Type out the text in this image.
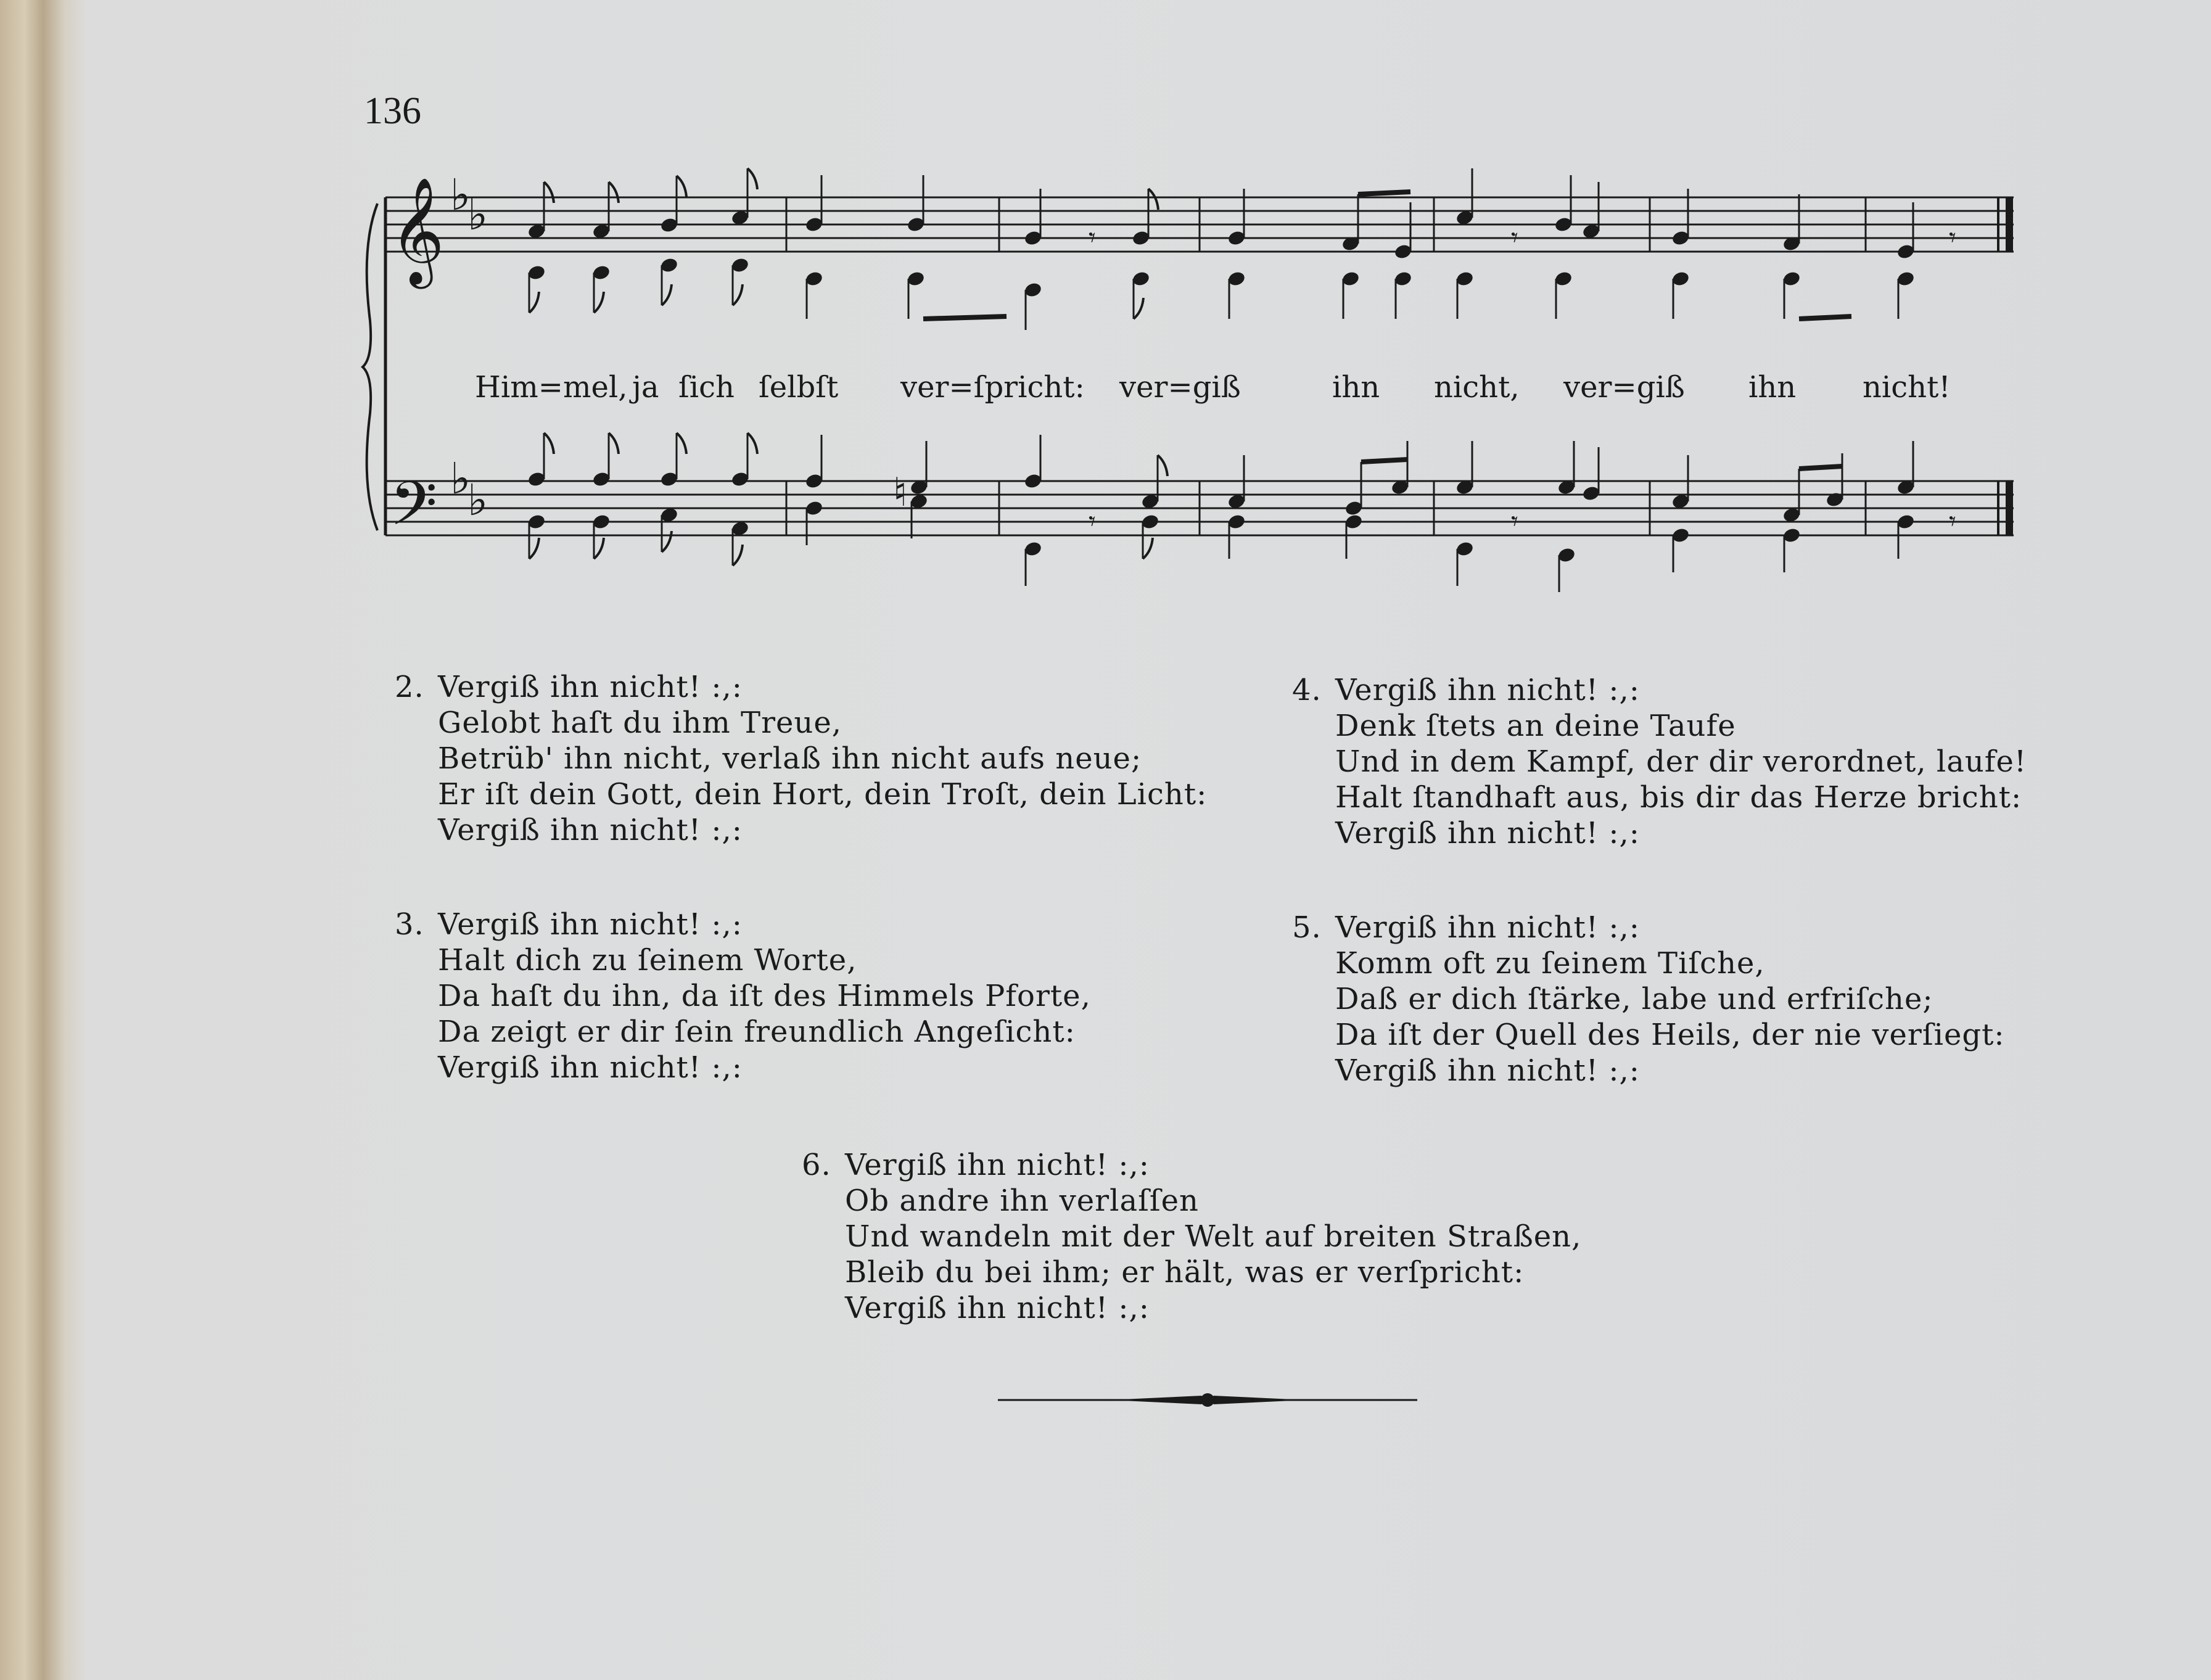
136
𝄞
𝄢
♭
♭
♭
♭
𝄾	𝄾	𝄾
𝄾	𝄾	𝄾
♮
Him=mel, ja ſich ſelbſt ver=ſpricht: ver=giß	ihn nicht, ver=giß ihn nicht!
2. Vergiß ihn nicht! :,:
Gelobt haſt du ihm Treue,
Betrüb' ihn nicht, verlaß ihn nicht aufs neue;
Er iſt dein Gott, dein Hort, dein Troſt, dein Licht:
Vergiß ihn nicht! :,:
3. Vergiß ihn nicht! :,:
Halt dich zu ſeinem Worte,
Da haſt du ihn, da iſt des Himmels Pforte,
Da zeigt er dir ſein freundlich Angeſicht:
Vergiß ihn nicht! :,:
4. Vergiß ihn nicht! :,:
Denk ſtets an deine Taufe
Und in dem Kampf, der dir verordnet, laufe!
Halt ſtandhaft aus, bis dir das Herze bricht:
Vergiß ihn nicht! :,:
5. Vergiß ihn nicht! :,:
Komm oft zu ſeinem Tiſche,
Daß er dich ſtärke, labe und erfriſche;
Da iſt der Quell des Heils, der nie verſiegt:
Vergiß ihn nicht! :,:
6. Vergiß ihn nicht! :,:
Ob andre ihn verlaſſen
Und wandeln mit der Welt auf breiten Straßen,
Bleib du bei ihm; er hält, was er verſpricht:
Vergiß ihn nicht! :,:
